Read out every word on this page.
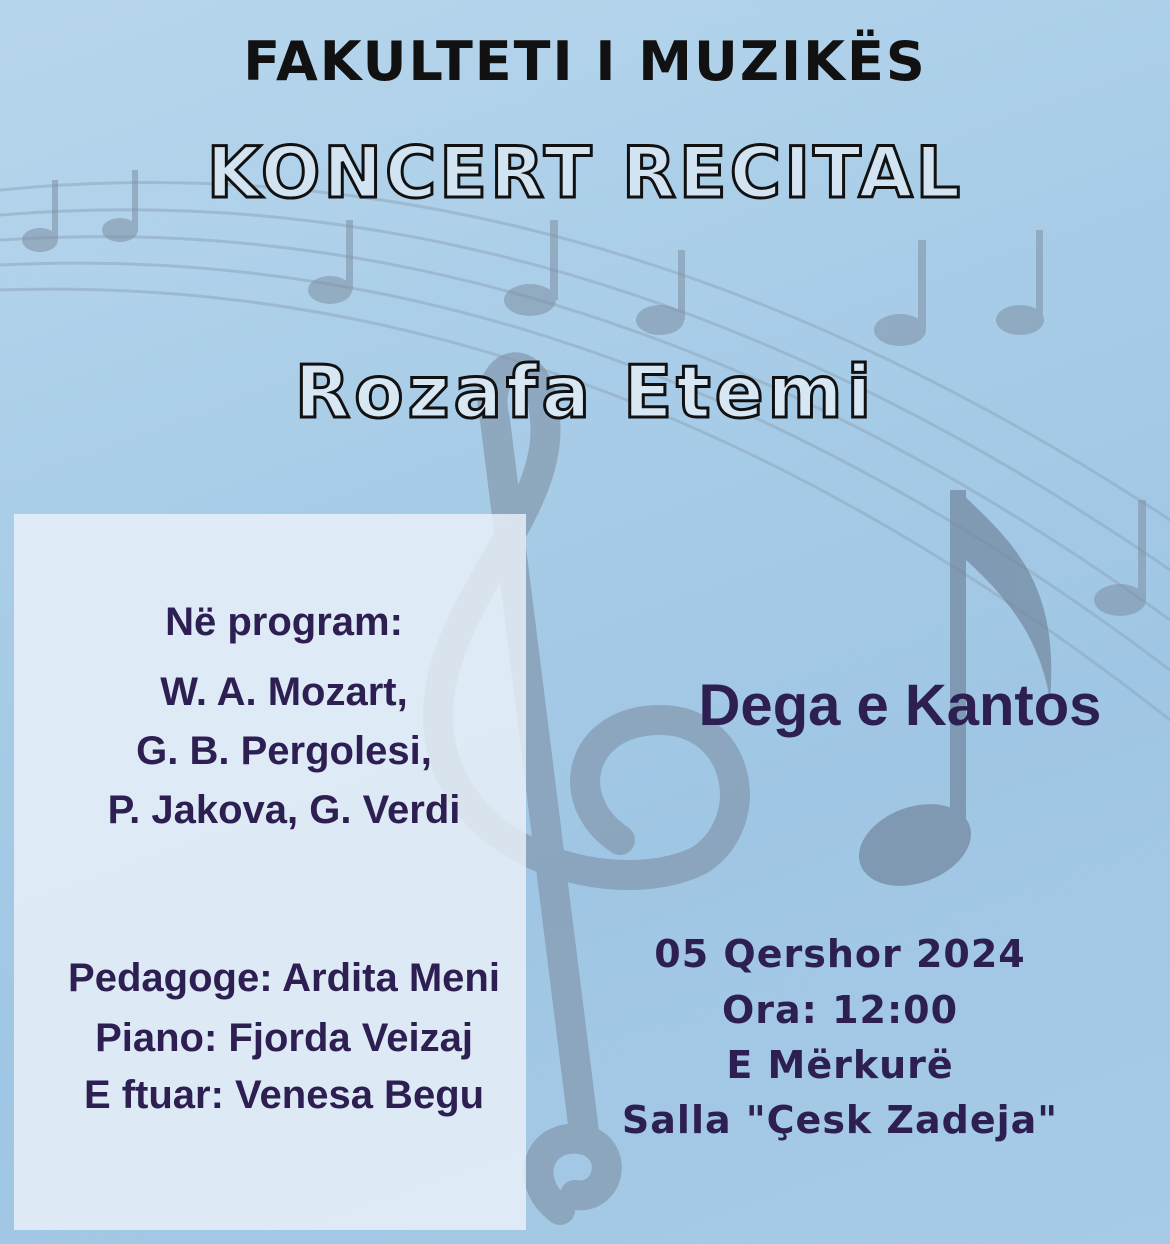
FAKULTETI I MUZIKËS
KONCERT RECITAL
Rozafa Etemi

Në program:

W. A. Mozart,

G. B. Pergolesi,

P. Jakova, G. Verdi

Pedagoge: Ardita Meni

Piano: Fjorda Veizaj

E ftuar: Venesa Begu

Dega e Kantos

05 Qershor 2024

Ora: 12:00

E Mërkurë

Salla "Çesk Zadeja"
